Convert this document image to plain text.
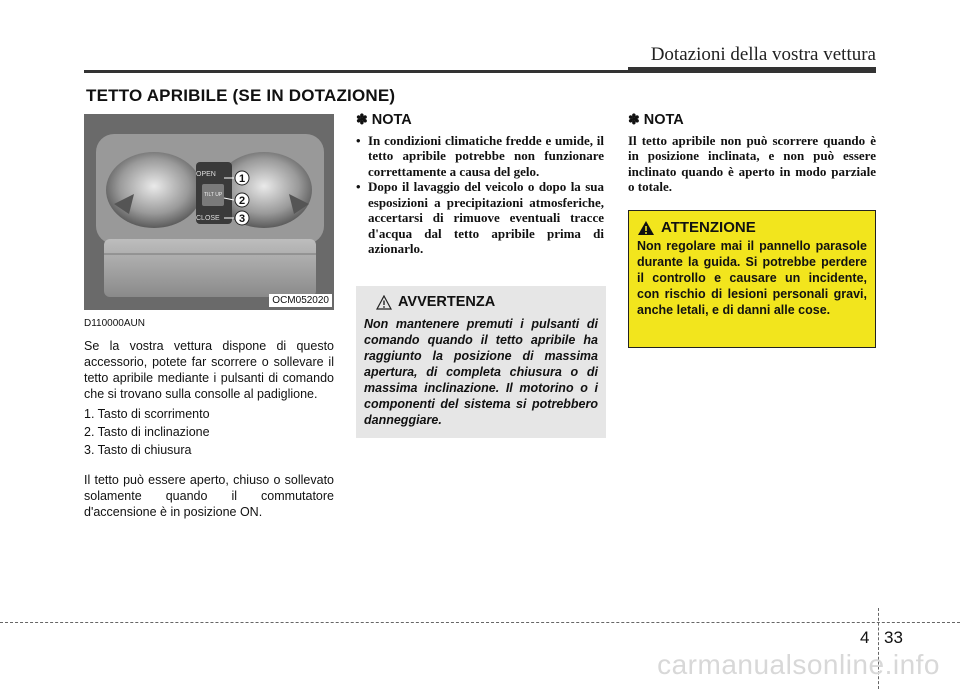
Dotazioni della vostra vettura
TETTO APRIBILE (SE IN DOTAZIONE)
OPEN
TILT UP
CLOSE
1
2
3
OCM052020
D110000AUN

Se la vostra vettura dispone di questo accessorio, potete far scorrere o sollevare il tetto apribile mediante i pulsanti di comando che si trovano sulla consolle al padiglione.

1. Tasto di scorrimento

2. Tasto di inclinazione

3. Tasto di chiusura

Il tetto può essere aperto, chiuso o sollevato solamente quando il commutatore d'accensione è in posizione ON.

✽ NOTA
• In condizioni climatiche fredde e umide, il tetto apribile potrebbe non funzionare correttamente a causa del gelo.
• Dopo il lavaggio del veicolo o dopo la sua esposizioni a precipitazioni atmosferiche, accertarsi di rimuove eventuali tracce d'acqua dal tetto apribile prima di azionarlo.
AVVERTENZA

Non mantenere premuti i pulsanti di comando quando il tetto apribile ha raggiunto la posizione di massima apertura, di completa chiusura o di massima inclinazione. Il motorino o i componenti del sistema si potrebbero danneggiare.

✽ NOTA

Il tetto apribile non può scorrere quando è in posizione inclinata, e non può essere inclinato quando è aperto in modo parziale o totale.

ATTENZIONE

Non regolare mai il pannello parasole durante la guida. Si potrebbe perdere il controllo e causare un incidente, con rischio di lesioni personali gravi, anche letali, e di danni alle cose.

4 33
carmanualsonline.info
